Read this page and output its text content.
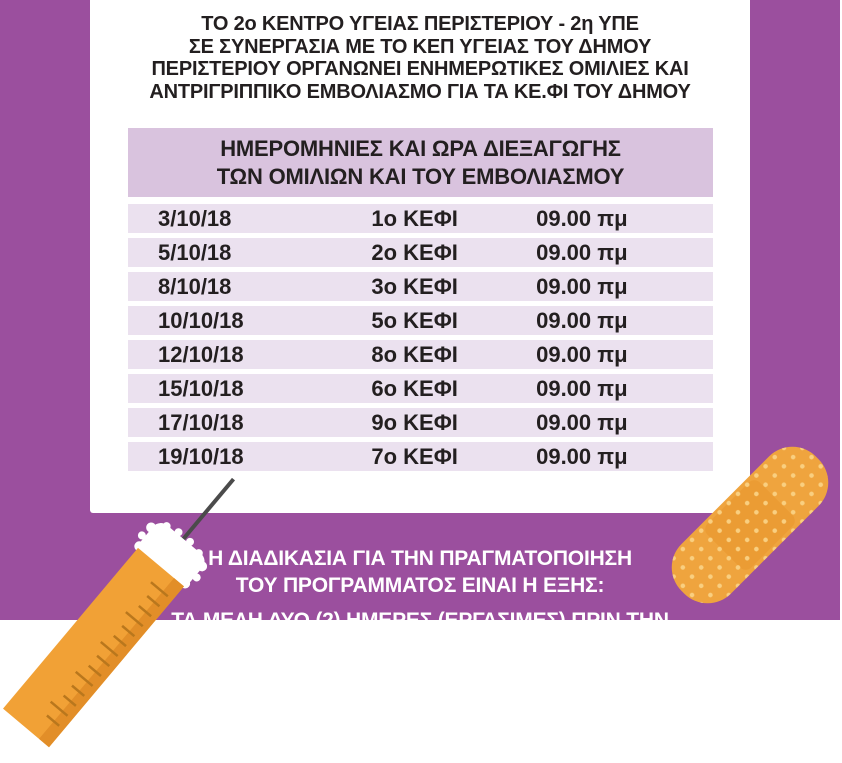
ΤΟ 2ο ΚΕΝΤΡΟ ΥΓΕΙΑΣ ΠΕΡΙΣΤΕΡΙΟΥ - 2η ΥΠΕ
ΣΕ ΣΥΝΕΡΓΑΣΙΑ ΜΕ ΤΟ ΚΕΠ ΥΓΕΙΑΣ ΤΟΥ ΔΗΜΟΥ
ΠΕΡΙΣΤΕΡΙΟΥ ΟΡΓΑΝΩΝΕΙ ΕΝΗΜΕΡΩΤΙΚΕΣ ΟΜΙΛΙΕΣ ΚΑΙ
ΑΝΤΡΙΓΡΙΠΠΙΚΟ ΕΜΒΟΛΙΑΣΜΟ ΓΙΑ ΤΑ ΚΕ.ΦΙ ΤΟΥ ΔΗΜΟΥ
ΗΜΕΡΟΜΗΝΙΕΣ ΚΑΙ ΩΡΑ ΔΙΕΞΑΓΩΓΗΣ
ΤΩΝ ΟΜΙΛΙΩΝ ΚΑΙ ΤΟΥ ΕΜΒΟΛΙΑΣΜΟΥ
3/10/18	1ο ΚΕΦΙ	09.00 πμ
5/10/18	2ο ΚΕΦΙ	09.00 πμ
8/10/18	3ο ΚΕΦΙ	09.00 πμ
10/10/18	5ο ΚΕΦΙ	09.00 πμ
12/10/18	8ο ΚΕΦΙ	09.00 πμ
15/10/18	6ο ΚΕΦΙ	09.00 πμ
17/10/18	9ο ΚΕΦΙ	09.00 πμ
19/10/18	7ο ΚΕΦΙ	09.00 πμ
Η ΔΙΑΔΙΚΑΣΙΑ ΓΙΑ ΤΗΝ ΠΡΑΓΜΑΤΟΠΟΙΗΣΗ
ΤΟΥ ΠΡΟΓΡΑΜΜΑΤΟΣ ΕΙΝΑΙ Η ΕΞΗΣ:
ΤΑ ΜΕΛΗ ΔΥΟ (2) ΗΜΕΡΕΣ (ΕΡΓΑΣΙΜΕΣ) ΠΡΙΝ ΤΗΝ
